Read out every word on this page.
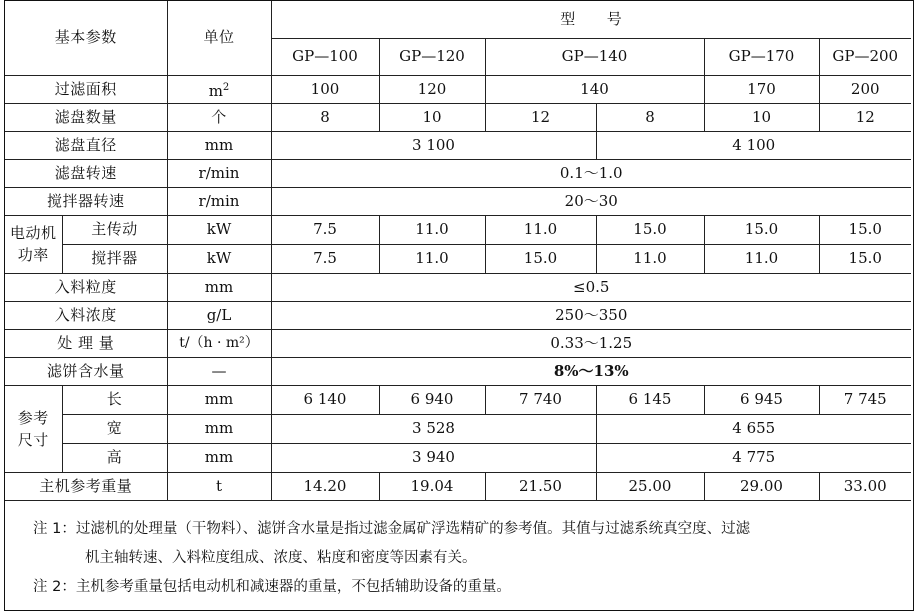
基本参数		单位	型　　号					
			GP—100	GP—120	GP—140		GP—170	GP—200
过滤面积		$m^2$	100	120	140		170	200
滤盘数量		个	8	10	12	8	10	12
滤盘直径		mm	3 100			4 100		
滤盘转速		r/min	0.1～1.0					
搅拌器转速		r/min	20～30					
电动机
功率	主传动	kW	7.5	11.0	11.0	15.0	15.0	15.0
	搅拌器	kW	7.5	11.0	15.0	11.0	11.0	15.0
入料粒度		mm	≤0.5					
入料浓度		g/L	250～350					
处 理 量		t/（h · m²）	0.33～1.25					
滤饼含水量		—	8%～13%					
参考
尺寸	长	mm	6 140	6 940	7 740	6 145	6 945	7 745
	宽	mm	3 528			4 655		
	高	mm	3 940			4 775		
主机参考重量		t	14.20	19.04	21.50	25.00	29.00	33.00
注 1：过滤机的处理量（干物料）、滤饼含水量是指过滤金属矿浮选精矿的参考值。其值与过滤系统真空度、过滤
机主轴转速、入料粒度组成、浓度、粘度和密度等因素有关。
注 2：主机参考重量包括电动机和减速器的重量，不包括辅助设备的重量。
